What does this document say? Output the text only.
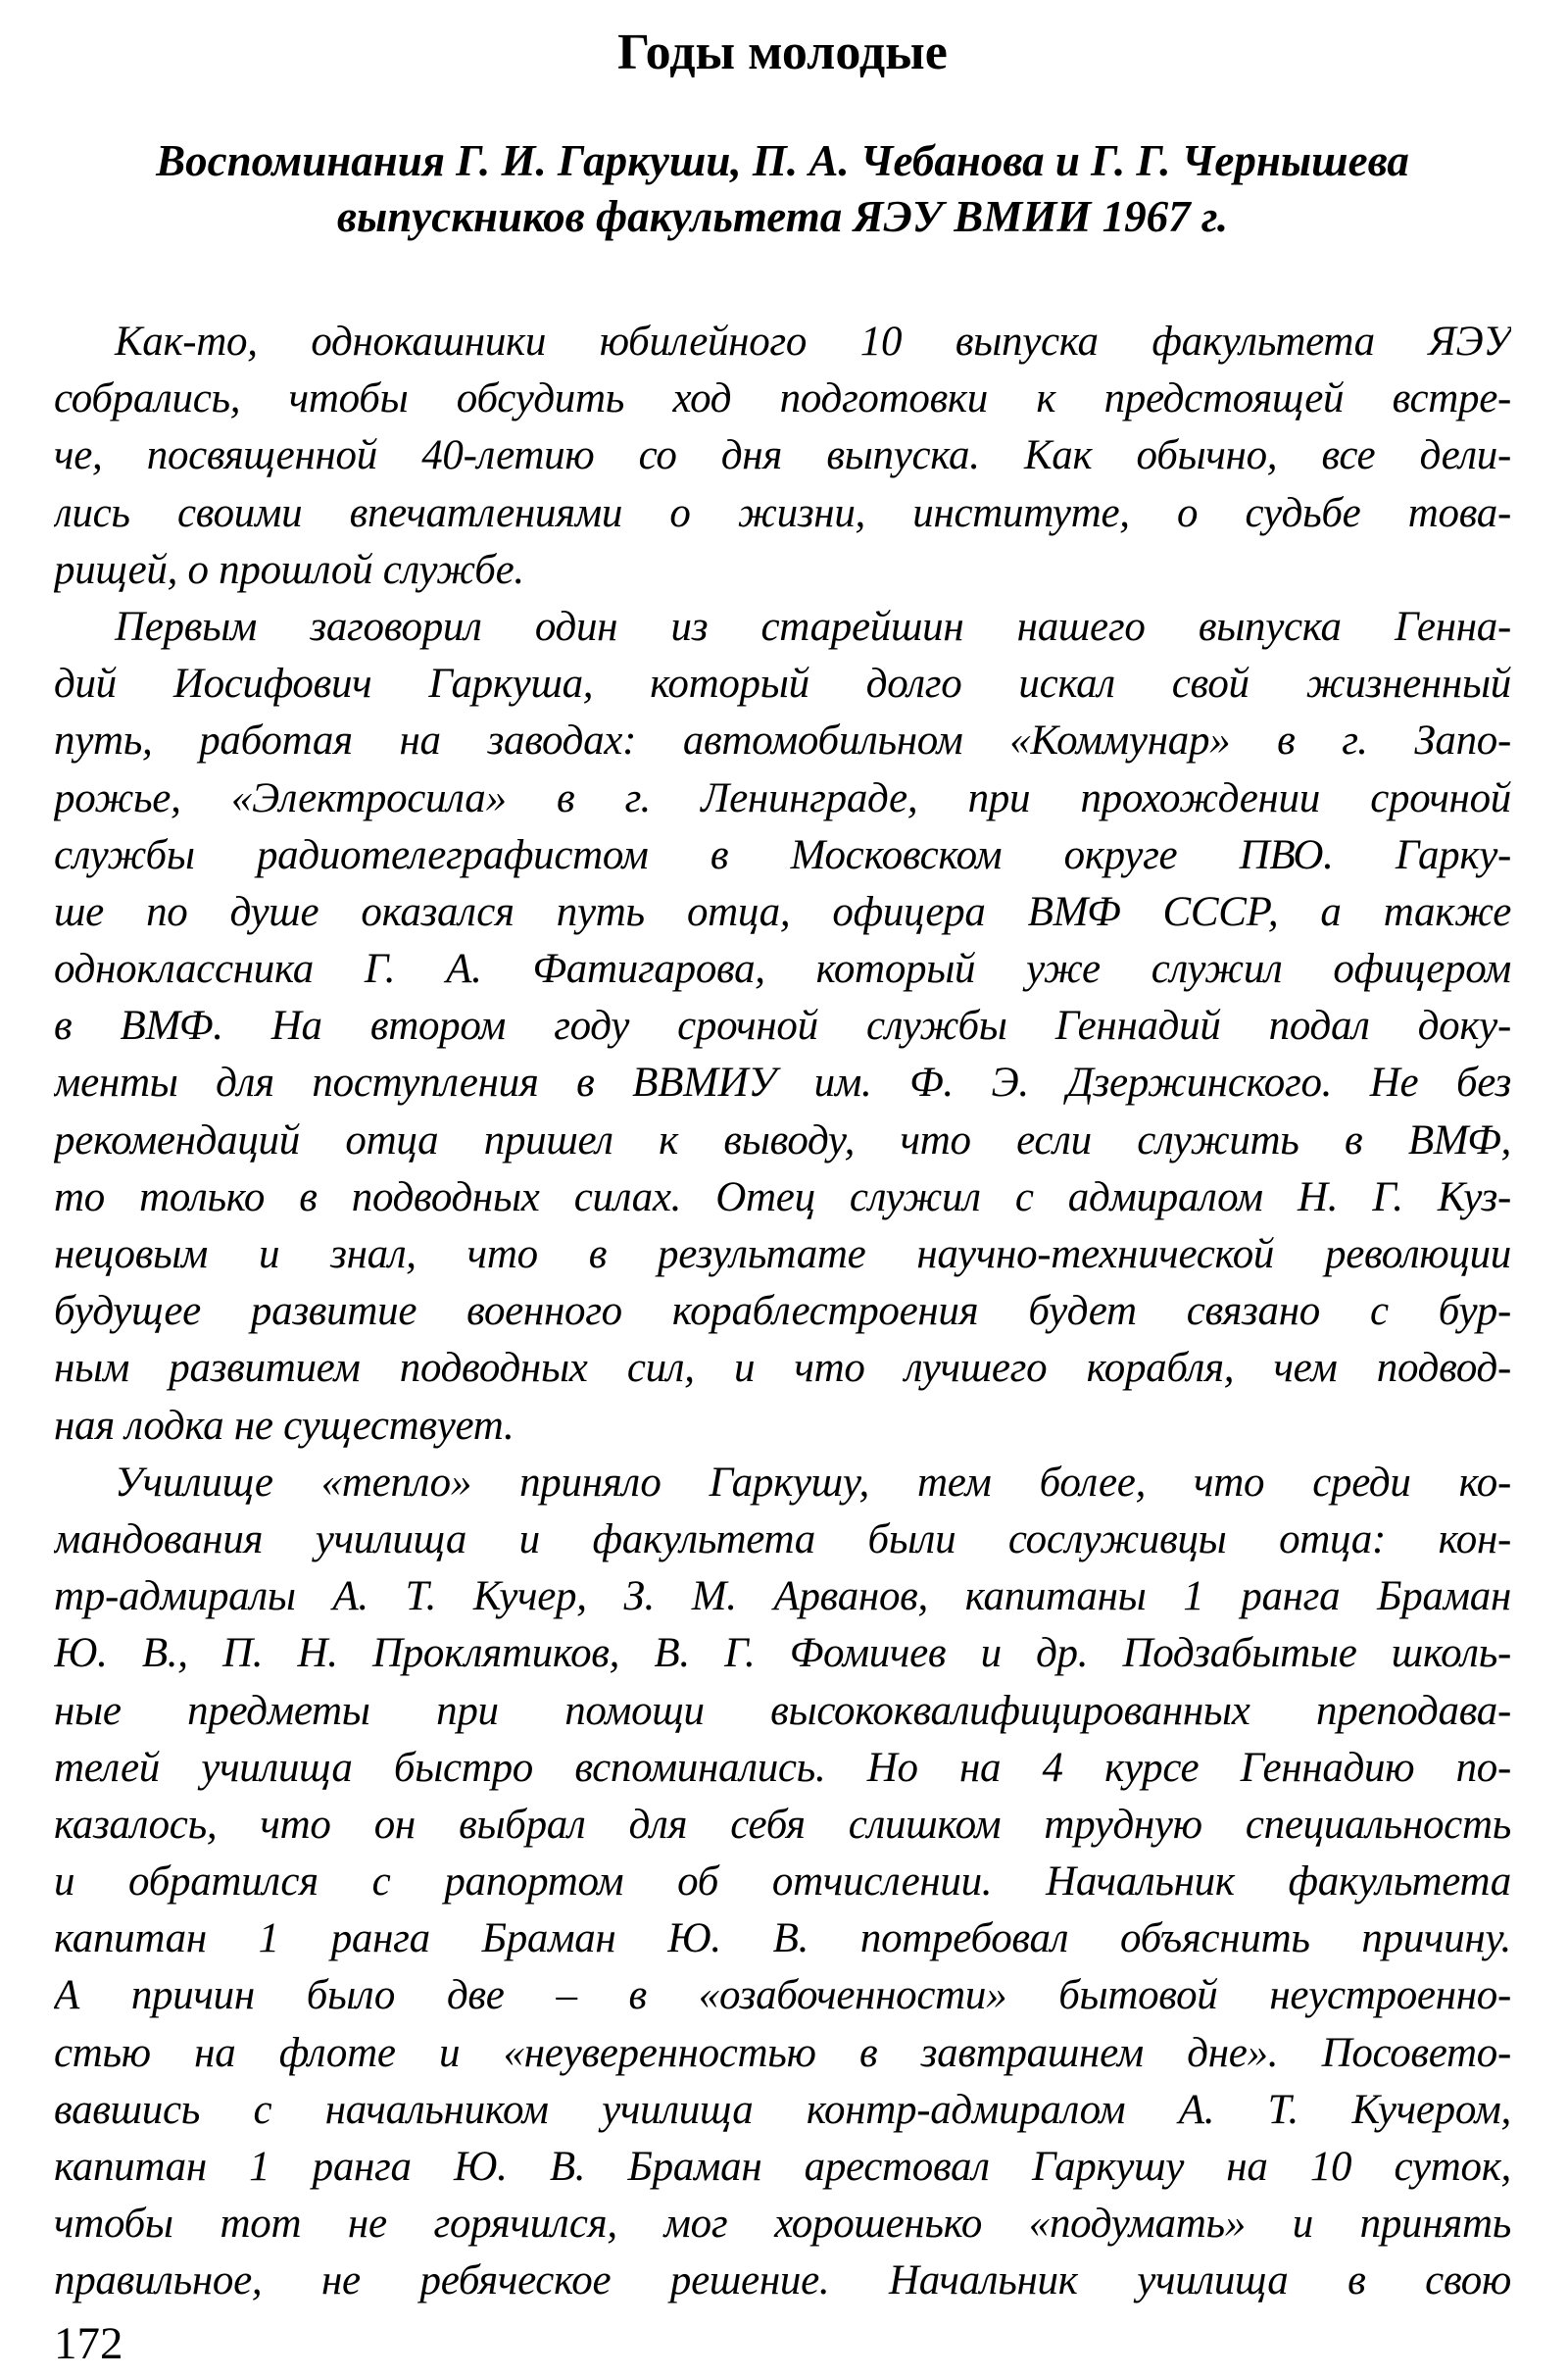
Годы молодые
Воспоминания Г. И. Гаркуши, П. А. Чебанова и Г. Г. Чернышева
выпускников факультета ЯЭУ ВМИИ 1967 г.
Как-то, однокашники юбилейного 10 выпуска факультета ЯЭУ
собрались, чтобы обсудить ход подготовки к предстоящей встре-
че, посвященной 40-летию со дня выпуска. Как обычно, все дели-
лись своими впечатлениями о жизни, институте, о судьбе това-
рищей, о прошлой службе.
Первым заговорил один из старейшин нашего выпуска Генна-
дий Иосифович Гаркуша, который долго искал свой жизненный
путь, работая на заводах: автомобильном «Коммунар» в г. Запо-
рожье, «Электросила» в г. Ленинграде, при прохождении срочной
службы радиотелеграфистом в Московском округе ПВО. Гарку-
ше по душе оказался путь отца, офицера ВМФ СССР, а также
одноклассника Г. А. Фатигарова, который уже служил офицером
в ВМФ. На втором году срочной службы Геннадий подал доку-
менты для поступления в ВВМИУ им. Ф. Э. Дзержинского. Не без
рекомендаций отца пришел к выводу, что если служить в ВМФ,
то только в подводных силах. Отец служил с адмиралом Н. Г. Куз-
нецовым и знал, что в результате научно-технической революции
будущее развитие военного кораблестроения будет связано с бур-
ным развитием подводных сил, и что лучшего корабля, чем подвод-
ная лодка не существует.
Училище «тепло» приняло Гаркушу, тем более, что среди ко-
мандования училища и факультета были сослуживцы отца: кон-
тр-адмиралы А. Т. Кучер, З. М. Арванов, капитаны 1 ранга Браман
Ю. В., П. Н. Проклятиков, В. Г. Фомичев и др. Подзабытые школь-
ные предметы при помощи высококвалифицированных преподава-
телей училища быстро вспоминались. Но на 4 курсе Геннадию по-
казалось, что он выбрал для себя слишком трудную специальность
и обратился с рапортом об отчислении. Начальник факультета
капитан 1 ранга Браман Ю. В. потребовал объяснить причину.
А причин было две – в «озабоченности» бытовой неустроенно-
стью на флоте и «неуверенностью в завтрашнем дне». Посовето-
вавшись с начальником училища контр-адмиралом А. Т. Кучером,
капитан 1 ранга Ю. В. Браман арестовал Гаркушу на 10 суток,
чтобы тот не горячился, мог хорошенько «подумать» и принять
правильное, не ребяческое решение. Начальник училища в свою
172
